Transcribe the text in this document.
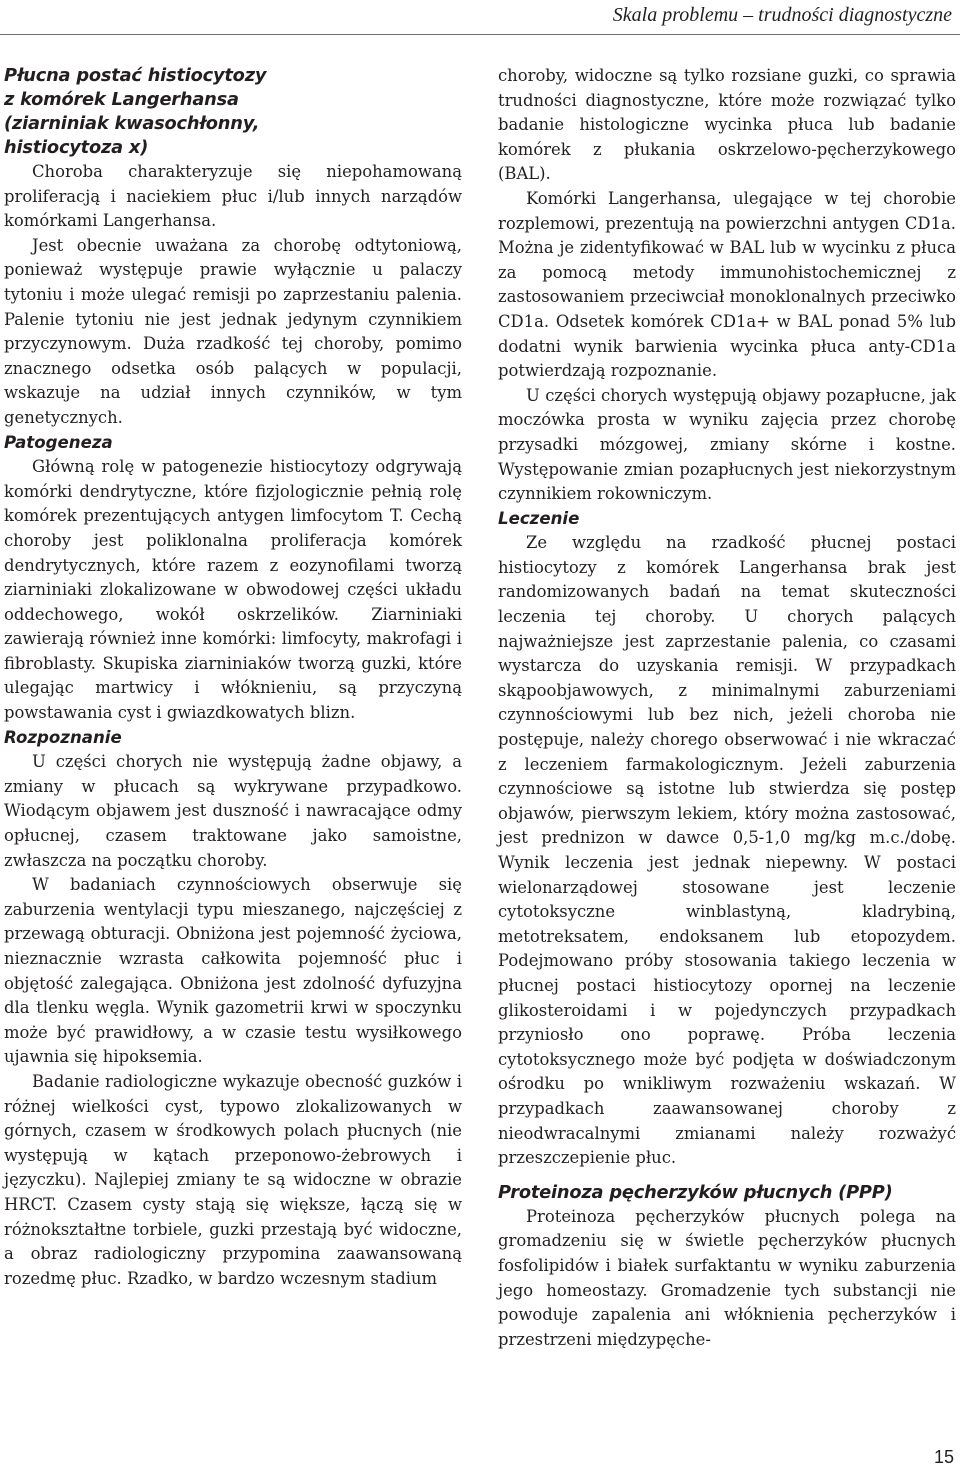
Skala problemu – trudności diagnostyczne
Płucna postać histiocytozy
z komórek Langerhansa
(ziarniniak kwasochłonny,
histiocytoza x)

Choroba charakteryzuje się niepohamowaną proliferacją i naciekiem płuc i/lub innych narządów komórkami Langerhansa.

Jest obecnie uważana za chorobę odtytoniową, ponieważ występuje prawie wyłącznie u palaczy tytoniu i może ulegać remisji po zaprzestaniu palenia. Palenie tytoniu nie jest jednak jedynym czynnikiem przyczynowym. Duża rzadkość tej choroby, pomimo znacznego odsetka osób palących w populacji, wskazuje na udział innych czynników, w tym genetycznych.

Patogeneza

Główną rolę w patogenezie histiocytozy odgrywają komórki dendrytyczne, które fizjologicznie pełnią rolę komórek prezentujących antygen limfocytom T. Cechą choroby jest poliklonalna proliferacja komórek dendrytycznych, które razem z eozynofilami tworzą ziarniniaki zlokalizowane w obwodowej części układu oddechowego, wokół oskrzelików. Ziarniniaki zawierają również inne komórki: limfocyty, makrofagi i fibroblasty. Skupiska ziarniniaków tworzą guzki, które ulegając martwicy i włóknieniu, są przyczyną powstawania cyst i gwiazdkowatych blizn.

Rozpoznanie

U części chorych nie występują żadne objawy, a zmiany w płucach są wykrywane przypadkowo. Wiodącym objawem jest duszność i nawracające odmy opłucnej, czasem traktowane jako samoistne, zwłaszcza na początku choroby.

W badaniach czynnościowych obserwuje się zaburzenia wentylacji typu mieszanego, najczęściej z przewagą obturacji. Obniżona jest pojemność życiowa, nieznacznie wzrasta całkowita pojemność płuc i objętość zalegająca. Obniżona jest zdolność dyfuzyjna dla tlenku węgla. Wynik gazometrii krwi w spoczynku może być prawidłowy, a w czasie testu wysiłkowego ujawnia się hipoksemia.

Badanie radiologiczne wykazuje obecność guzków i różnej wielkości cyst, typowo zlokalizowanych w górnych, czasem w środkowych polach płucnych (nie występują w kątach przeponowo-żebrowych i języczku). Najlepiej zmiany te są widoczne w obrazie HRCT. Czasem cysty stają się większe, łączą się w różnokształtne torbiele, guzki przestają być widoczne, a obraz radiologiczny przypomina zaawansowaną rozedmę płuc. Rzadko, w bardzo wczesnym stadium

choroby, widoczne są tylko rozsiane guzki, co sprawia trudności diagnostyczne, które może rozwiązać tylko badanie histologiczne wycinka płuca lub badanie komórek z płukania oskrzelowo-pęcherzykowego (BAL).

Komórki Langerhansa, ulegające w tej chorobie rozplemowi, prezentują na powierzchni antygen CD1a. Można je zidentyfikować w BAL lub w wycinku z płuca za pomocą metody immunohistochemicznej z zastosowaniem przeciwciał monoklonalnych przeciwko CD1a. Odsetek komórek CD1a+ w BAL ponad 5% lub dodatni wynik barwienia wycinka płuca anty-CD1a potwierdzają rozpoznanie.

U części chorych występują objawy pozapłucne, jak moczówka prosta w wyniku zajęcia przez chorobę przysadki mózgowej, zmiany skórne i kostne. Występowanie zmian pozapłucnych jest niekorzystnym czynnikiem rokowniczym.

Leczenie

Ze względu na rzadkość płucnej postaci histiocytozy z komórek Langerhansa brak jest randomizowanych badań na temat skuteczności leczenia tej choroby. U chorych palących najważniejsze jest zaprzestanie palenia, co czasami wystarcza do uzyskania remisji. W przypadkach skąpoobjawowych, z minimalnymi zaburzeniami czynnościowymi lub bez nich, jeżeli choroba nie postępuje, należy chorego obserwować i nie wkraczać z leczeniem farmakologicznym. Jeżeli zaburzenia czynnościowe są istotne lub stwierdza się postęp objawów, pierwszym lekiem, który można zastosować, jest prednizon w dawce 0,5-1,0 mg/kg m.c./dobę. Wynik leczenia jest jednak niepewny. W postaci wielonarządowej stosowane jest leczenie cytotoksyczne winblastyną, kladrybiną, metotreksatem, endoksanem lub etopozydem. Podejmowano próby stosowania takiego leczenia w płucnej postaci histiocytozy opornej na leczenie glikosteroidami i w pojedynczych przypadkach przyniosło ono poprawę. Próba leczenia cytotoksycznego może być podjęta w doświadczonym ośrodku po wnikliwym rozważeniu wskazań. W przypadkach zaawansowanej choroby z nieodwracalnymi zmianami należy rozważyć przeszczepienie płuc.

Proteinoza pęcherzyków płucnych (PPP)

Proteinoza pęcherzyków płucnych polega na gromadzeniu się w świetle pęcherzyków płucnych fosfolipidów i białek surfaktantu w wyniku zaburzenia jego homeostazy. Gromadzenie tych substancji nie powoduje zapalenia ani włóknienia pęcherzyków i przestrzeni międzypęche-

15
